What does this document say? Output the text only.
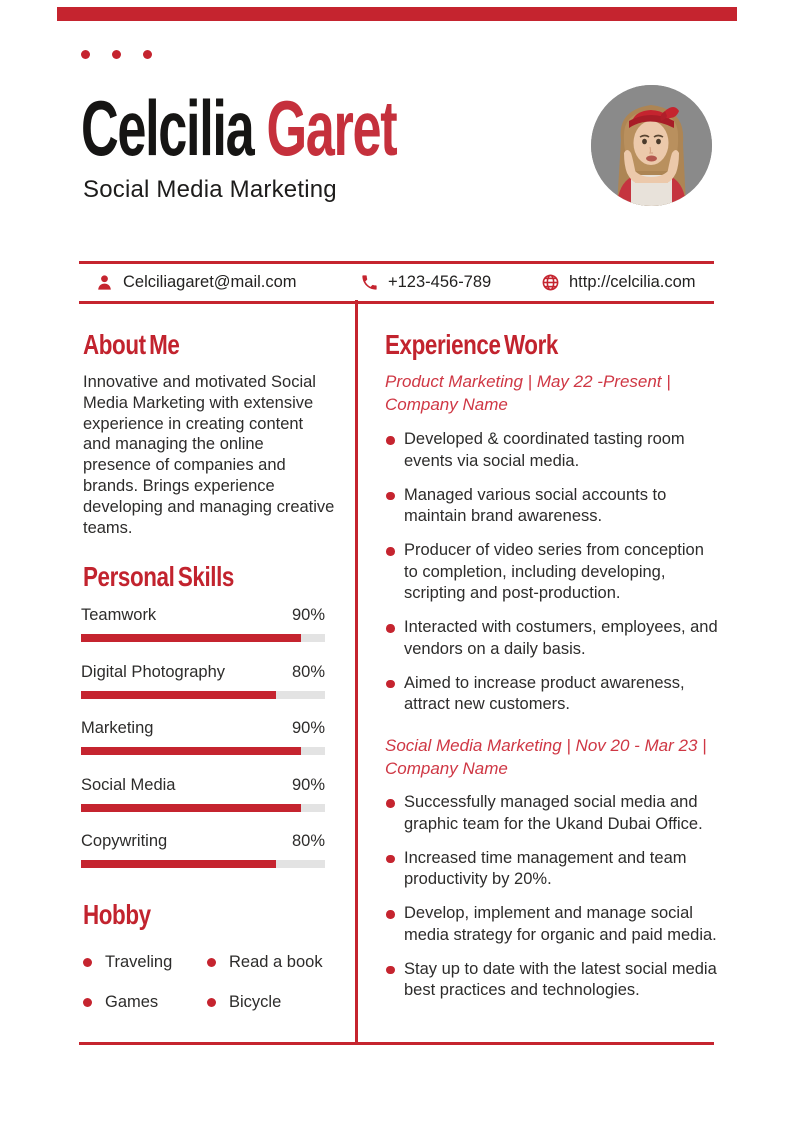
Celcilia Garet
Social Media Marketing
Celciliagaret@mail.com	+123-456-789	http://celcilia.com
About Me
Innovative and motivated Social Media Marketing with extensive experience in creating content and managing the online presence of companies and brands. Brings experience developing and managing creative teams.
Personal Skills
Teamwork	90%
Digital Photography	80%
Marketing	90%
Social Media	90%
Copywriting	80%
Hobby
Traveling	Read a book
Games	Bicycle
Experience Work
Product Marketing | May 22 -Present |
Company Name
Developed & coordinated tasting room events via social media.
Managed various social accounts to maintain brand awareness.
Producer of video series from conception to completion, including developing, scripting and post-production.
Interacted with costumers, employees, and vendors on a daily basis.
Aimed to increase product awareness, attract new customers.
Social Media Marketing | Nov 20 - Mar 23 |
Company Name
Successfully managed social media and graphic team for the Ukand Dubai Office.
Increased time management and team productivity by 20%.
Develop, implement and manage social media strategy for organic and paid media.
Stay up to date with the latest social media best practices and technologies.
